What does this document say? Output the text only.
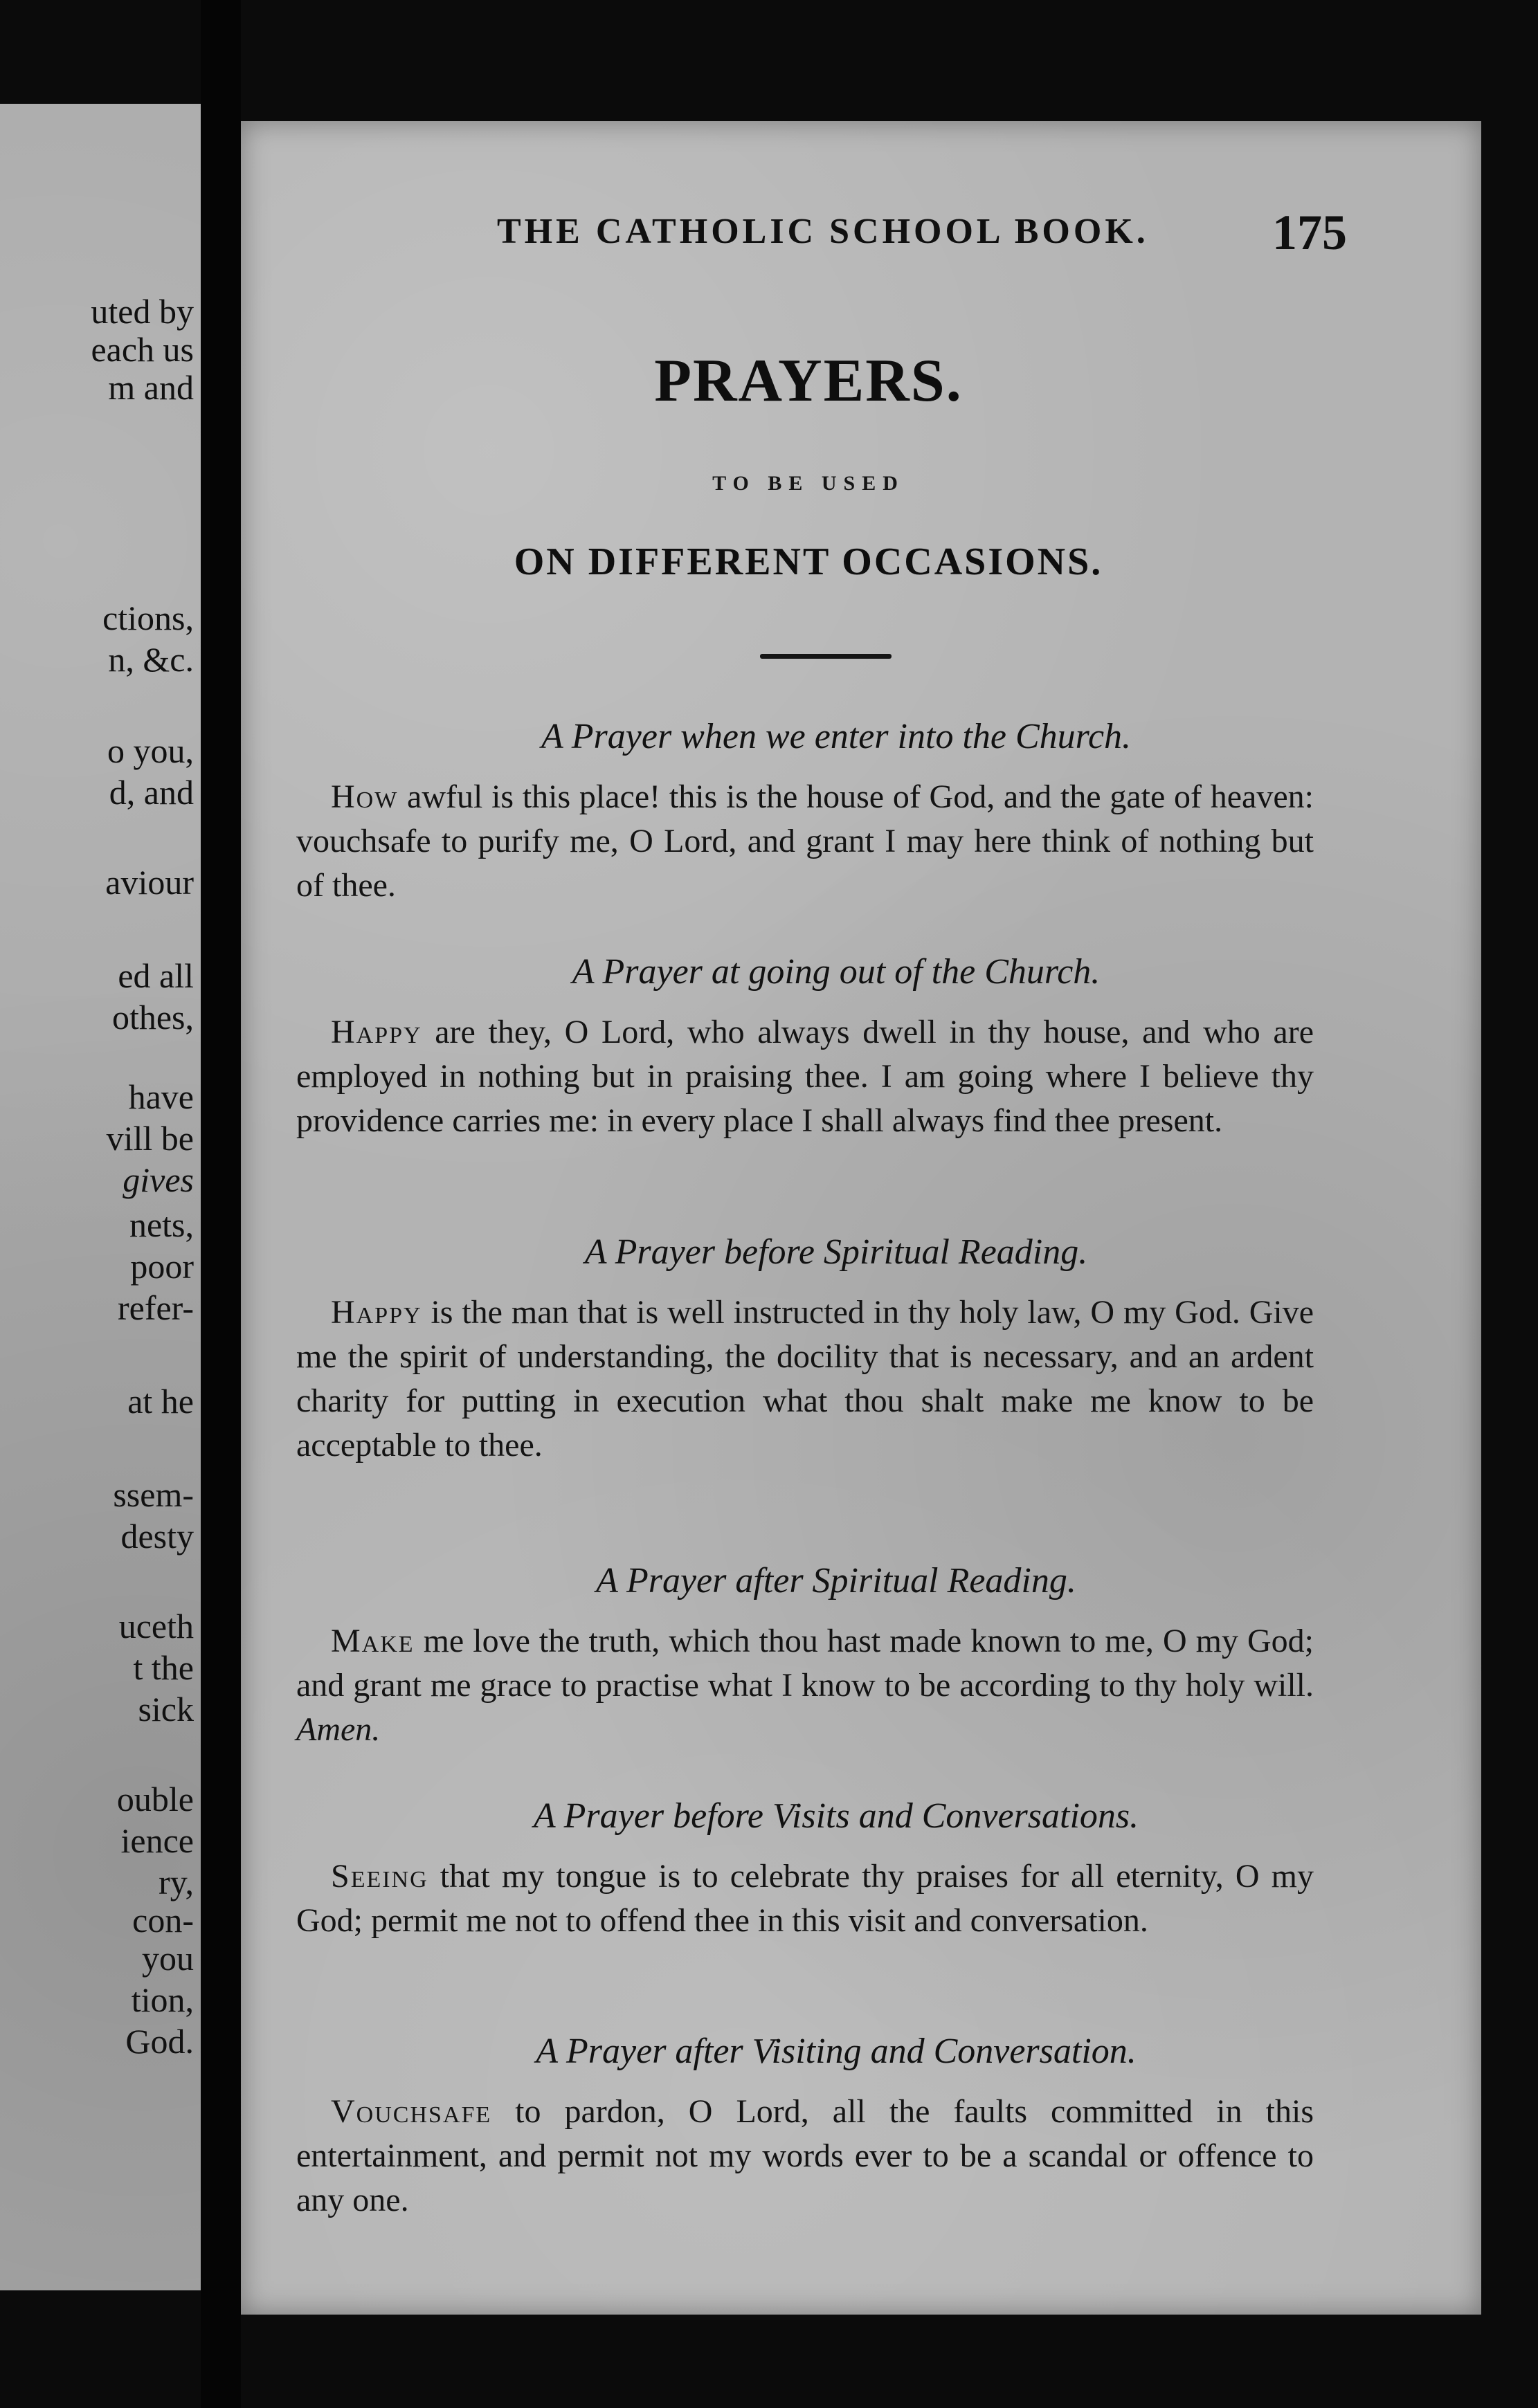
uted by
each us
m and
ctions,
n, &c.
o you,
d, and
aviour
ed all
othes,
have
vill be
gives
nets,
poor
refer-
at he
ssem-
desty
uceth
t the
sick
ouble
ience
ry,
con-
you
tion,
God.
THE CATHOLIC SCHOOL BOOK. 175
PRAYERS.
TO BE USED
ON DIFFERENT OCCASIONS.
A Prayer when we enter into the Church.
How awful is this place! this is the house of God, and the gate of heaven: vouchsafe to purify me, O Lord, and grant I may here think of nothing but of thee.
A Prayer at going out of the Church.
Happy are they, O Lord, who always dwell in thy house, and who are employed in nothing but in praising thee. I am going where I believe thy providence carries me: in every place I shall always find thee present.
A Prayer before Spiritual Reading.
Happy is the man that is well instructed in thy holy law, O my God. Give me the spirit of understanding, the docility that is necessary, and an ardent charity for putting in execution what thou shalt make me know to be acceptable to thee.
A Prayer after Spiritual Reading.
Make me love the truth, which thou hast made known to me, O my God; and grant me grace to practise what I know to be according to thy holy will. Amen.
A Prayer before Visits and Conversations.
Seeing that my tongue is to celebrate thy praises for all eternity, O my God; permit me not to offend thee in this visit and conversation.
A Prayer after Visiting and Conversation.
Vouchsafe to pardon, O Lord, all the faults committed in this entertainment, and permit not my words ever to be a scandal or offence to any one.
